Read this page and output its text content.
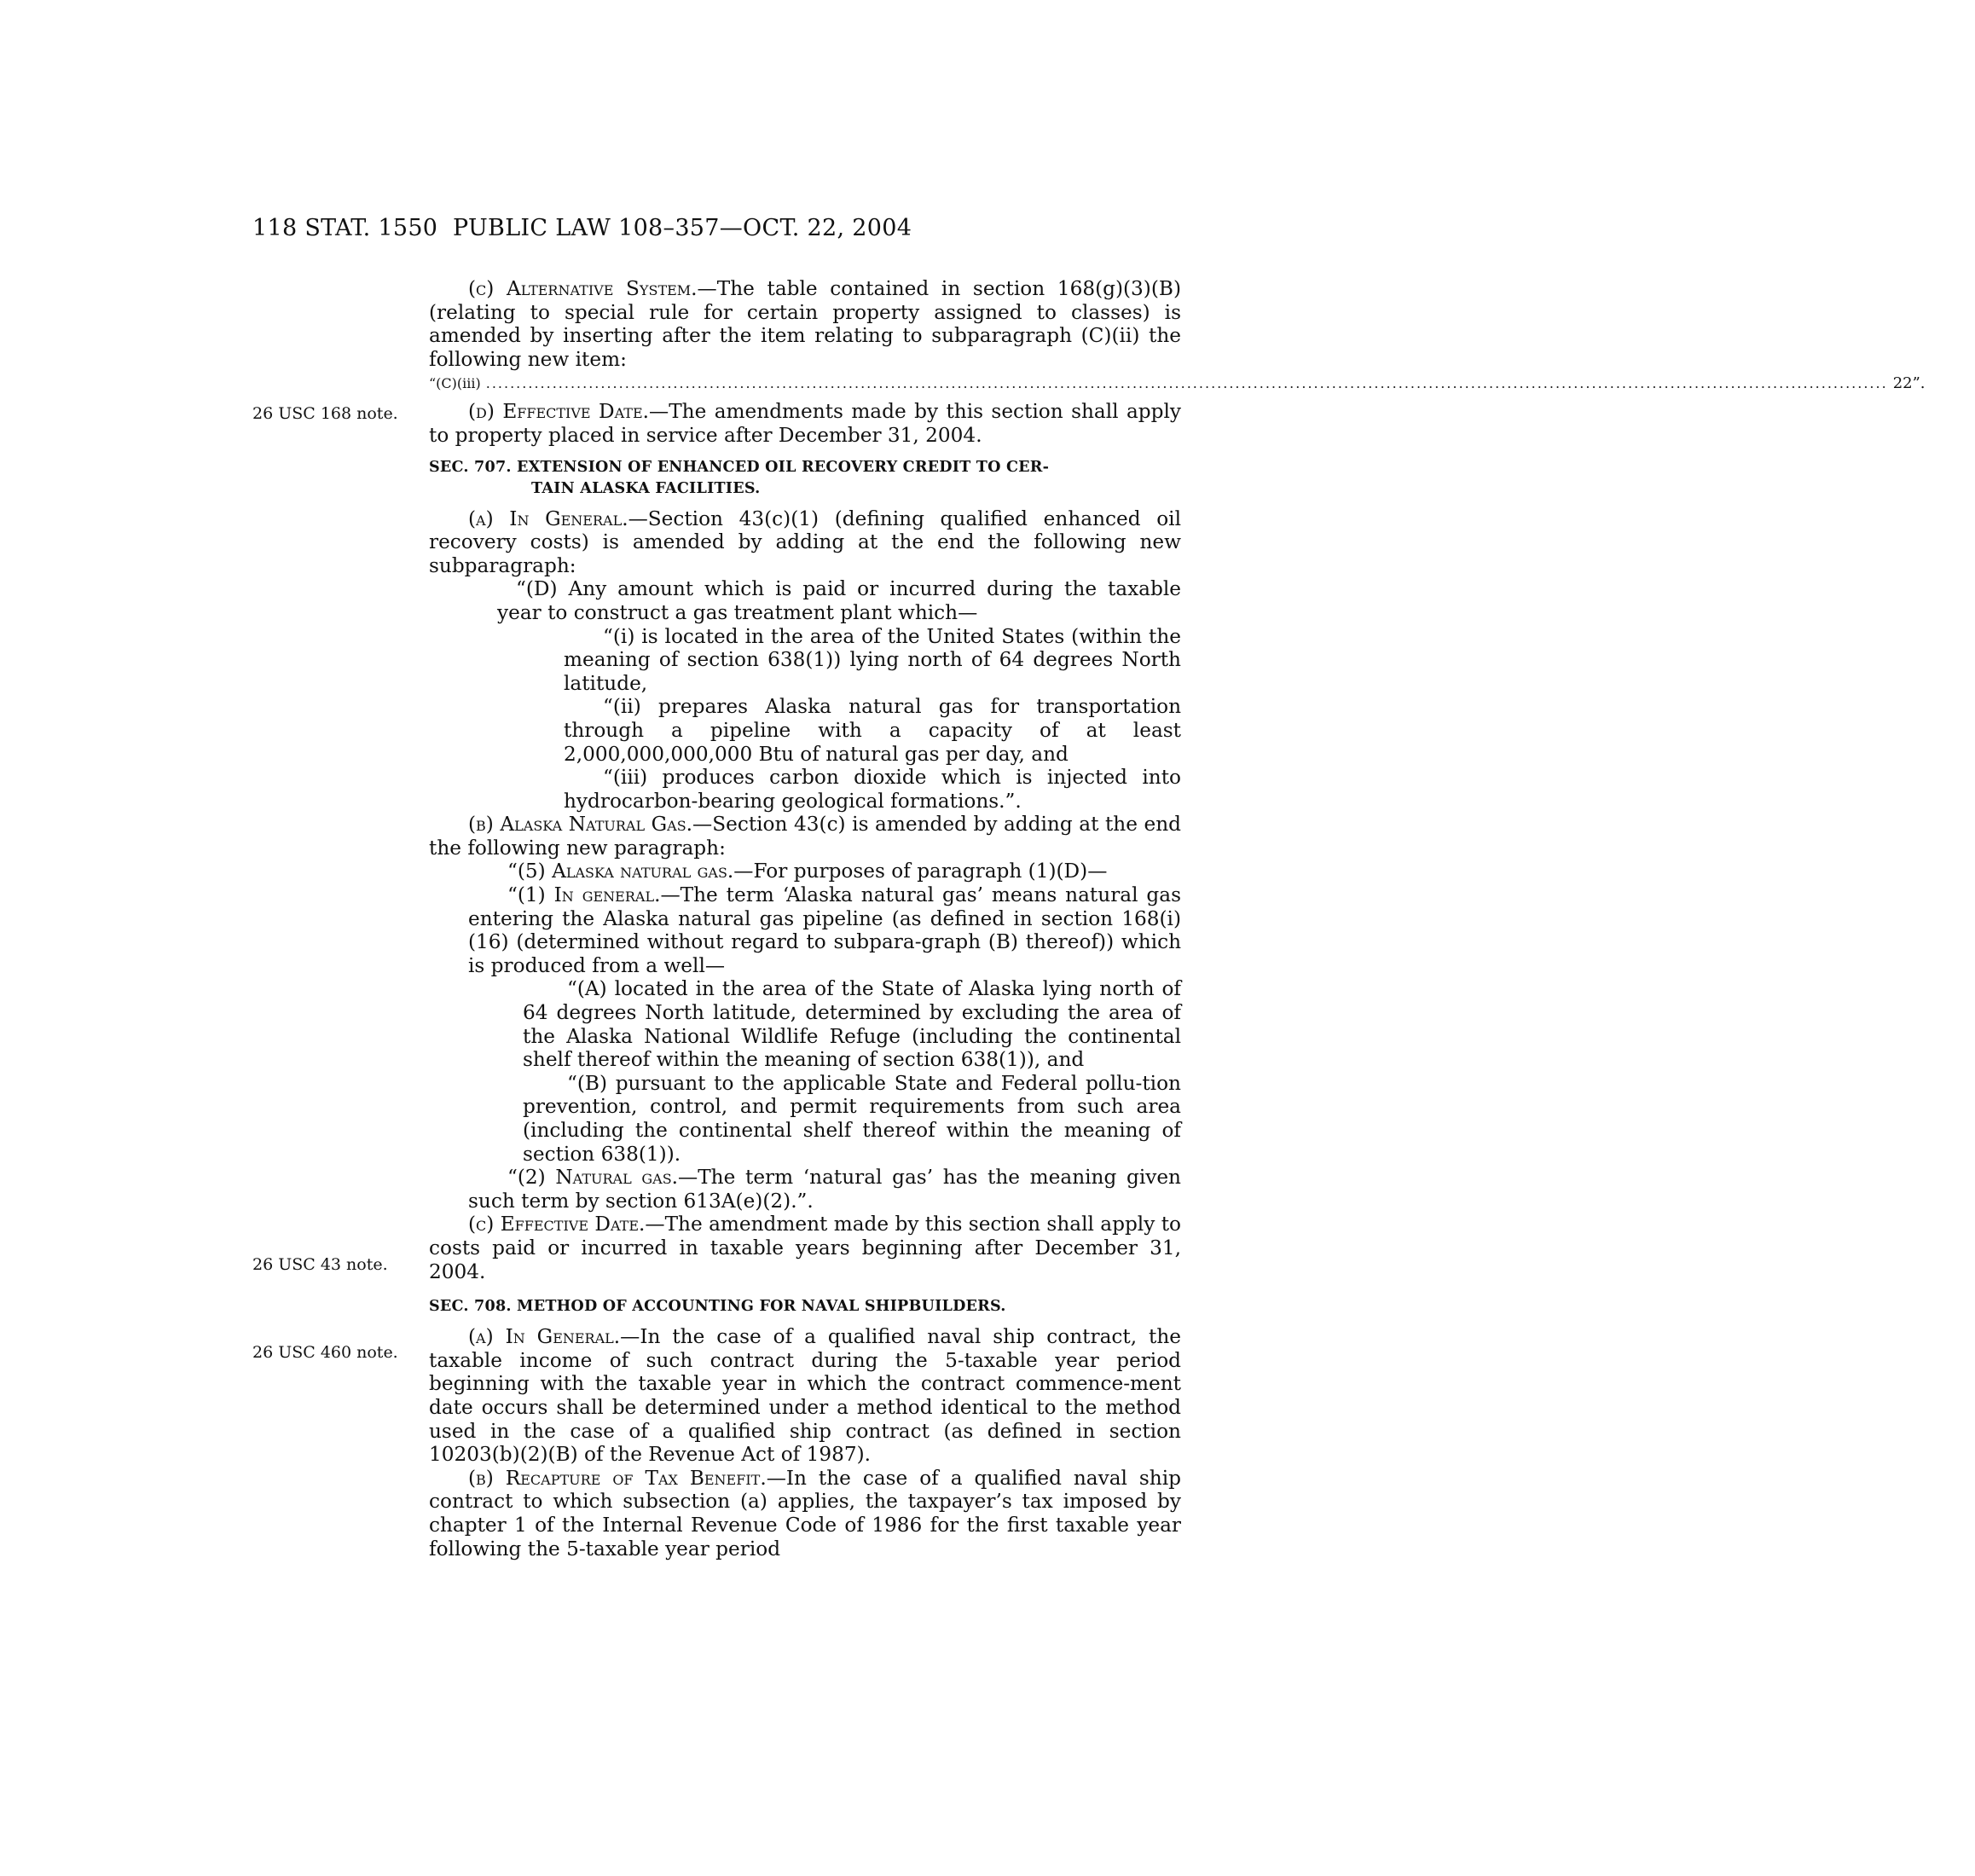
118 STAT. 1550 PUBLIC LAW 108–357—OCT. 22, 2004
26 USC 168 note.
26 USC 43 note.
26 USC 460 note.

(c) Alternative System.—The table contained in section 168(g)(3)(B) (relating to special rule for certain property assigned to classes) is amended by inserting after the item relating to subparagraph (C)(ii) the following new item:

“(C)(iii) ........................................................................................................................................................................................................................................ 22”.

(d) Effective Date.—The amendments made by this section shall apply to property placed in service after December 31, 2004.

SEC. 707. EXTENSION OF ENHANCED OIL RECOVERY CREDIT TO CER-
TAIN ALASKA FACILITIES.

(a) In General.—Section 43(c)(1) (defining qualified enhanced oil recovery costs) is amended by adding at the end the following new subparagraph:

“(D) Any amount which is paid or incurred during the taxable year to construct a gas treatment plant which—

“(i) is located in the area of the United States (within the meaning of section 638(1)) lying north of 64 degrees North latitude,

“(ii) prepares Alaska natural gas for transportation through a pipeline with a capacity of at least 2,000,000,000,000 Btu of natural gas per day, and

“(iii) produces carbon dioxide which is injected into hydrocarbon-bearing geological formations.”.

(b) Alaska Natural Gas.—Section 43(c) is amended by adding at the end the following new paragraph:

“(5) Alaska natural gas.—For purposes of paragraph (1)(D)—

“(1) In general.—The term ‘Alaska natural gas’ means natural gas entering the Alaska natural gas pipeline (as defined in section 168(i)(16) (determined without regard to subpara-graph (B) thereof)) which is produced from a well—

“(A) located in the area of the State of Alaska lying north of 64 degrees North latitude, determined by excluding the area of the Alaska National Wildlife Refuge (including the continental shelf thereof within the meaning of section 638(1)), and

“(B) pursuant to the applicable State and Federal pollu-tion prevention, control, and permit requirements from such area (including the continental shelf thereof within the meaning of section 638(1)).

“(2) Natural gas.—The term ‘natural gas’ has the meaning given such term by section 613A(e)(2).”.

(c) Effective Date.—The amendment made by this section shall apply to costs paid or incurred in taxable years beginning after December 31, 2004.

SEC. 708. METHOD OF ACCOUNTING FOR NAVAL SHIPBUILDERS.

(a) In General.—In the case of a qualified naval ship contract, the taxable income of such contract during the 5-taxable year period beginning with the taxable year in which the contract commence-ment date occurs shall be determined under a method identical to the method used in the case of a qualified ship contract (as defined in section 10203(b)(2)(B) of the Revenue Act of 1987).

(b) Recapture of Tax Benefit.—In the case of a qualified naval ship contract to which subsection (a) applies, the taxpayer’s tax imposed by chapter 1 of the Internal Revenue Code of 1986 for the first taxable year following the 5-taxable year period
